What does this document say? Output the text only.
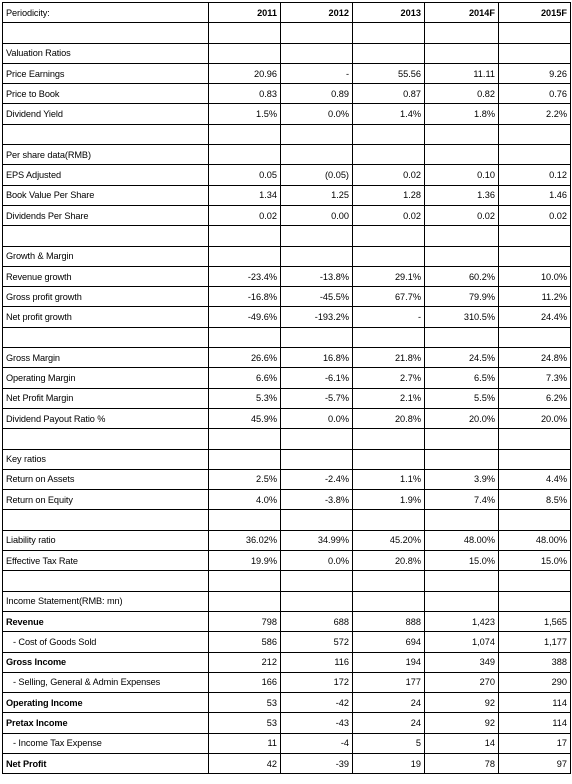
Periodicity:	2011	2012	2013	2014F	2015F

Valuation Ratios					
Price Earnings	20.96	-	55.56	11.11	9.26
Price to Book	0.83	0.89	0.87	0.82	0.76
Dividend Yield	1.5%	0.0%	1.4%	1.8%	2.2%

Per share data(RMB)					
EPS Adjusted	0.05	(0.05)	0.02	0.10	0.12
Book Value Per Share	1.34	1.25	1.28	1.36	1.46
Dividends Per Share	0.02	0.00	0.02	0.02	0.02

Growth & Margin					
Revenue growth	-23.4%	-13.8%	29.1%	60.2%	10.0%
Gross profit growth	-16.8%	-45.5%	67.7%	79.9%	11.2%
Net profit growth	-49.6%	-193.2%	-	310.5%	24.4%

Gross Margin	26.6%	16.8%	21.8%	24.5%	24.8%
Operating Margin	6.6%	-6.1%	2.7%	6.5%	7.3%
Net Profit Margin	5.3%	-5.7%	2.1%	5.5%	6.2%
Dividend Payout Ratio %	45.9%	0.0%	20.8%	20.0%	20.0%

Key ratios					
Return on Assets	2.5%	-2.4%	1.1%	3.9%	4.4%
Return on Equity	4.0%	-3.8%	1.9%	7.4%	8.5%

Liability ratio	36.02%	34.99%	45.20%	48.00%	48.00%
Effective Tax Rate	19.9%	0.0%	20.8%	15.0%	15.0%

Income Statement(RMB: mn)					
Revenue	798	688	888	1,423	1,565
- Cost of Goods Sold	586	572	694	1,074	1,177
Gross Income	212	116	194	349	388
- Selling, General & Admin Expenses	166	172	177	270	290
Operating Income	53	-42	24	92	114
Pretax Income	53	-43	24	92	114
- Income Tax Expense	11	-4	5	14	17
Net Profit	42	-39	19	78	97
